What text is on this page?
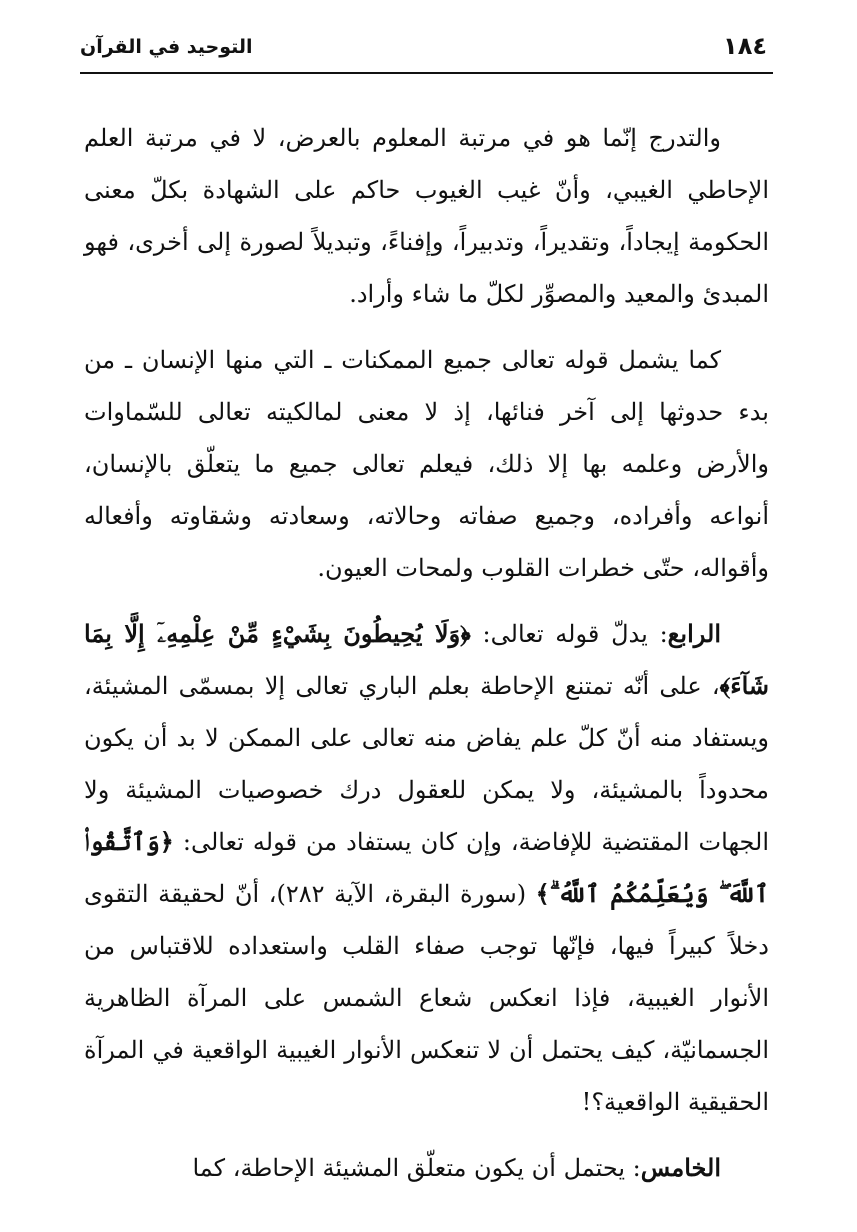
١٨٤
التوحيد في القرآن

والتدرج إنّما هو في مرتبة المعلوم بالعرض، لا في مرتبة العلم الإحاطي الغيبي، وأنّ غيب الغيوب حاكم على الشهادة بكلّ معنى الحكومة إيجاداً، وتقديراً، وتدبيراً، وإفناءً، وتبديلاً لصورة إلى أخرى، فهو المبدئ والمعيد والمصوِّر لكلّ ما شاء وأراد.

كما يشمل قوله تعالى جميع الممكنات ـ التي منها الإنسان ـ من بدء حدوثها إلى آخر فنائها، إذ لا معنى لمالكيته تعالى للسّماوات والأرض وعلمه بها إلا ذلك، فيعلم تعالى جميع ما يتعلّق بالإنسان، أنواعه وأفراده، وجميع صفاته وحالاته، وسعادته وشقاوته وأفعاله وأقواله، حتّى خطرات القلوب ولمحات العيون.

الرابع: يدلّ قوله تعالى: ﴿وَلَا يُحِيطُونَ بِشَيْءٍ مِّنْ عِلْمِهِۦٓ إِلَّا بِمَا شَآءَ﴾، على أنّه تمتنع الإحاطة بعلم الباري تعالى إلا بمسمّى المشيئة، ويستفاد منه أنّ كلّ علم يفاض منه تعالى على الممكن لا بد أن يكون محدوداً بالمشيئة، ولا يمكن للعقول درك خصوصيات المشيئة ولا الجهات المقتضية للإفاضة، وإن كان يستفاد من قوله تعالى: ﴿وَٱتَّقُوا۟ ٱللَّهَ ۖ وَيُعَلِّمُكُمُ ٱللَّهُ ۗ﴾ (سورة البقرة، الآية ٢٨٢)، أنّ لحقيقة التقوى دخلاً كبيراً فيها، فإنّها توجب صفاء القلب واستعداده للاقتباس من الأنوار الغيبية، فإذا انعكس شعاع الشمس على المرآة الظاهرية الجسمانيّة، كيف يحتمل أن لا تنعكس الأنوار الغيبية الواقعية في المرآة الحقيقية الواقعية؟!

الخامس: يحتمل أن يكون متعلّق المشيئة الإحاطة، كما
